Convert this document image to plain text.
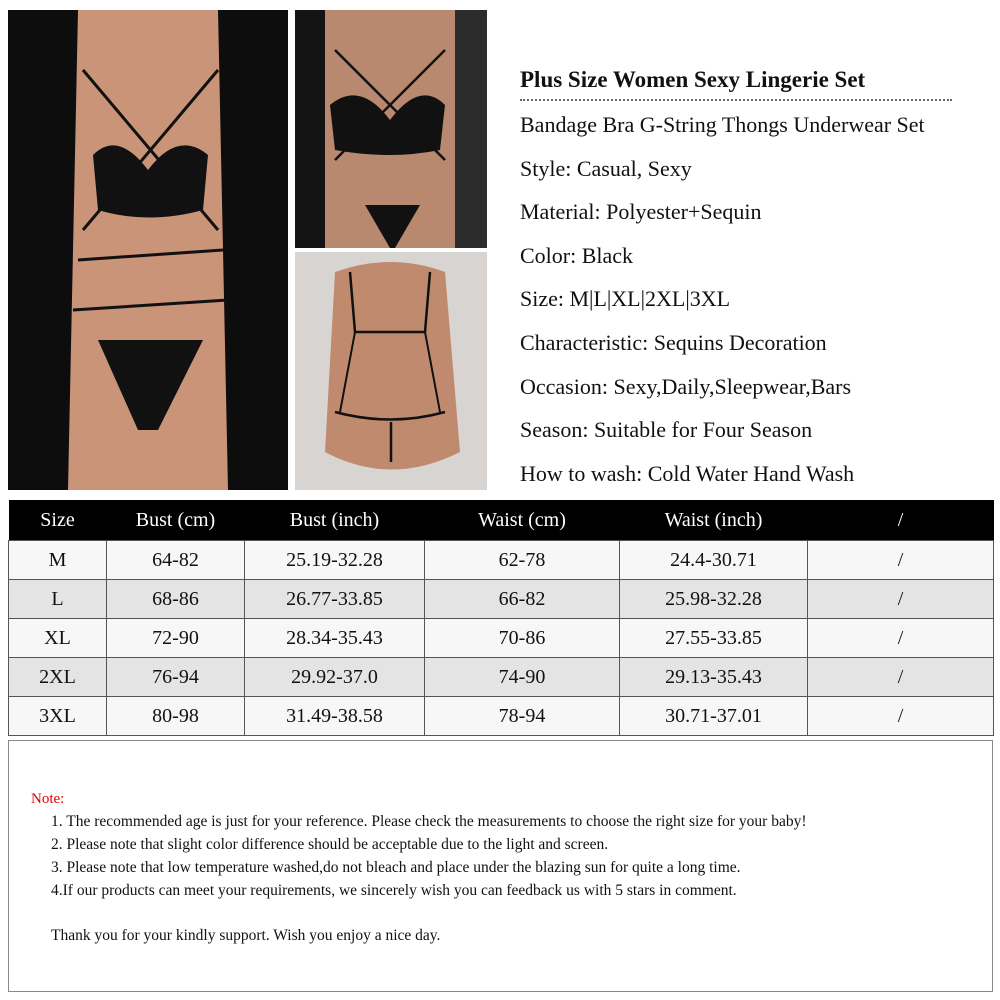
Plus Size Women Sexy Lingerie Set
Bandage Bra G-String Thongs Underwear Set
Style: Casual, Sexy
Material: Polyester+Sequin
Color: Black
Size: M|L|XL|2XL|3XL
Characteristic: Sequins Decoration
Occasion: Sexy,Daily,Sleepwear,Bars
Season: Suitable for Four Season
How to wash: Cold Water Hand Wash
Size	Bust (cm)	Bust (inch)	Waist (cm)	Waist (inch)	/
M	64-82	25.19-32.28	62-78	24.4-30.71	/
L	68-86	26.77-33.85	66-82	25.98-32.28	/
XL	72-90	28.34-35.43	70-86	27.55-33.85	/
2XL	76-94	29.92-37.0	74-90	29.13-35.43	/
3XL	80-98	31.49-38.58	78-94	30.71-37.01	/
Note:
1. The recommended age is just for your reference. Please check the measurements to choose the right size for your baby!
2. Please note that slight color difference should be acceptable due to the light and screen.
3. Please note that low temperature washed,do not bleach and place under the blazing sun for quite a long time.
4.If our products can meet your requirements, we sincerely wish you can feedback us with 5 stars in comment.
Thank you for your kindly support. Wish you enjoy a nice day.
